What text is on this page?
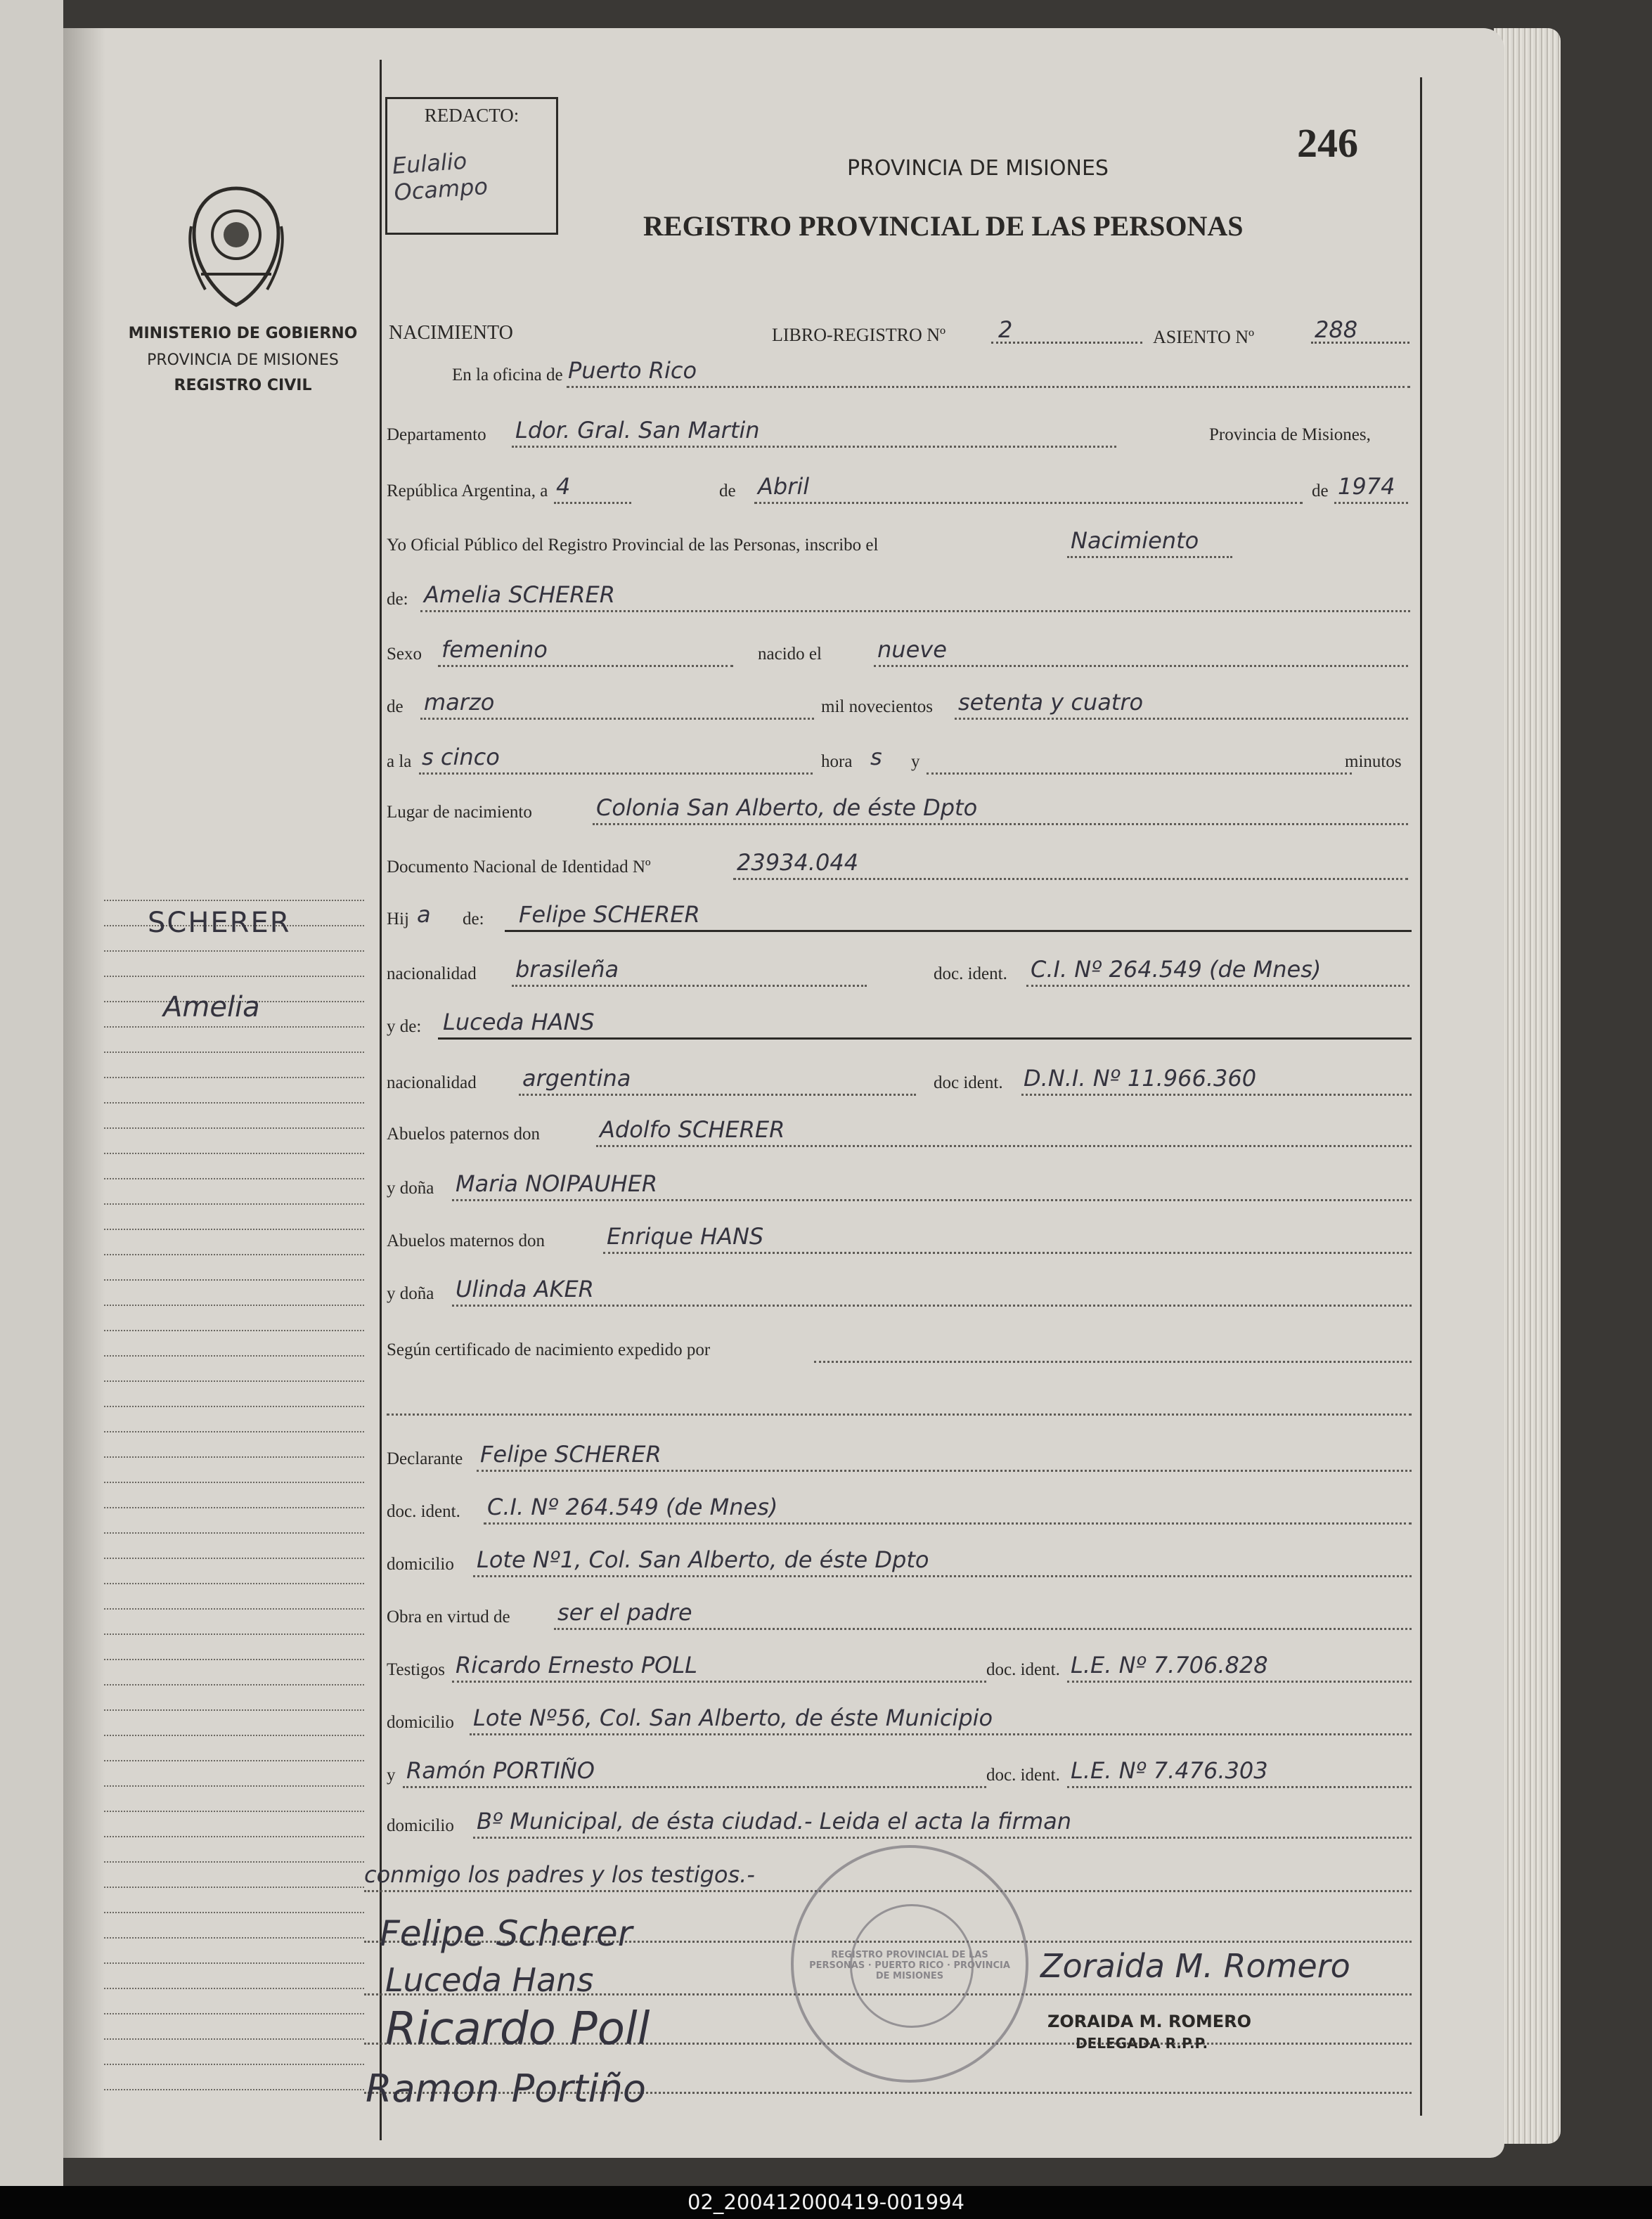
MINISTERIO DE GOBIERNO
PROVINCIA DE MISIONES
REGISTRO CIVIL
SCHERER
Amelia
REDACTO:
Eulalio Ocampo
PROVINCIA DE MISIONES
REGISTRO PROVINCIAL DE LAS PERSONAS
246
NACIMIENTO	LIBRO-REGISTRO Nº 2	ASIENTO Nº	288
En la oficina de Puerto Rico
Departamento Ldor. Gral. San Martin	Provincia de Misiones,
República Argentina, a 4	de Abril	de 1974
Yo Oficial Público del Registro Provincial de las Personas, inscribo el	Nacimiento
de: Amelia SCHERER
Sexo femenino	nacido el nueve
de marzo	mil novecientos setenta y cuatro
a la s cinco	hora s y	minutos
Lugar de nacimiento	Colonia San Alberto, de éste Dpto
Documento Nacional de Identidad Nº	23934.044
Hij a de: Felipe SCHERER
nacionalidad brasileña	doc. ident. C.I. Nº 264.549 (de Mnes)
y de: Luceda HANS
nacionalidad argentina	doc ident. D.N.I. Nº 11.966.360
Abuelos paternos don	Adolfo SCHERER
y doña Maria NOIPAUHER
Abuelos maternos don	Enrique HANS
y doña Ulinda AKER
Según certificado de nacimiento expedido por
Declarante Felipe SCHERER
doc. ident. C.I. Nº 264.549 (de Mnes)
domicilio Lote Nº1, Col. San Alberto, de éste Dpto
Obra en virtud de ser el padre
Testigos Ricardo Ernesto POLL	doc. ident. L.E. Nº 7.706.828
domicilio Lote Nº56, Col. San Alberto, de éste Municipio
y Ramón PORTIÑO	doc. ident. L.E. Nº 7.476.303
domicilio Bº Municipal, de ésta ciudad.- Leida el acta la firman
conmigo los padres y los testigos.-
Felipe Scherer
Luceda Hans
Ricardo Poll
Ramon Portiño
Zoraida M. Romero
ZORAIDA M. ROMERO
DELEGADA R.P.P.
REGISTRO PROVINCIAL DE LAS PERSONAS · PUERTO RICO · PROVINCIA DE MISIONES
02_200412000419-001994
